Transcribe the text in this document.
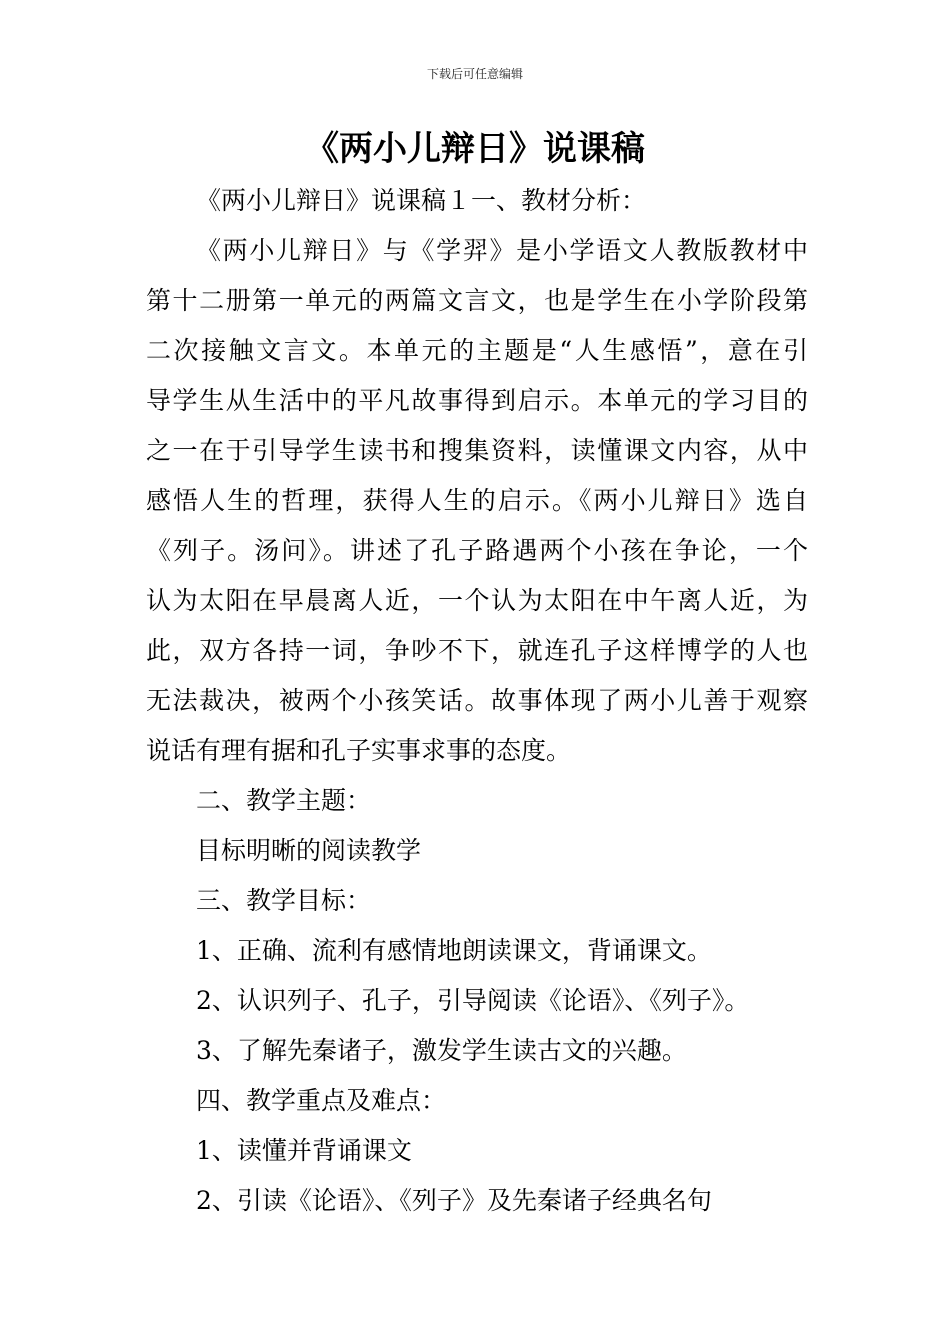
下载后可任意编辑
《两小儿辩日》说课稿
《两小儿辩日》说课稿１一、教材分析：
《两小儿辩日》与《学羿》是小学语文人教版教材中
第十二册第一单元的两篇文言文，也是学生在小学阶段第
二次接触文言文。本单元的主题是“人生感悟”，意在引
导学生从生活中的平凡故事得到启示。本单元的学习目的
之一在于引导学生读书和搜集资料，读懂课文内容，从中
感悟人生的哲理，获得人生的启示。《两小儿辩日》选自
《列子。汤问》。讲述了孔子路遇两个小孩在争论，一个
认为太阳在早晨离人近，一个认为太阳在中午离人近，为
此，双方各持一词，争吵不下，就连孔子这样博学的人也
无法裁决，被两个小孩笑话。故事体现了两小儿善于观察
说话有理有据和孔子实事求事的态度。
二、教学主题：
目标明晰的阅读教学
三、教学目标：
1、正确、流利有感情地朗读课文，背诵课文。
2、认识列子、孔子，引导阅读《论语》、《列子》。
3、了解先秦诸子，激发学生读古文的兴趣。
四、教学重点及难点：
1、读懂并背诵课文
2、引读《论语》、《列子》及先秦诸子经典名句
